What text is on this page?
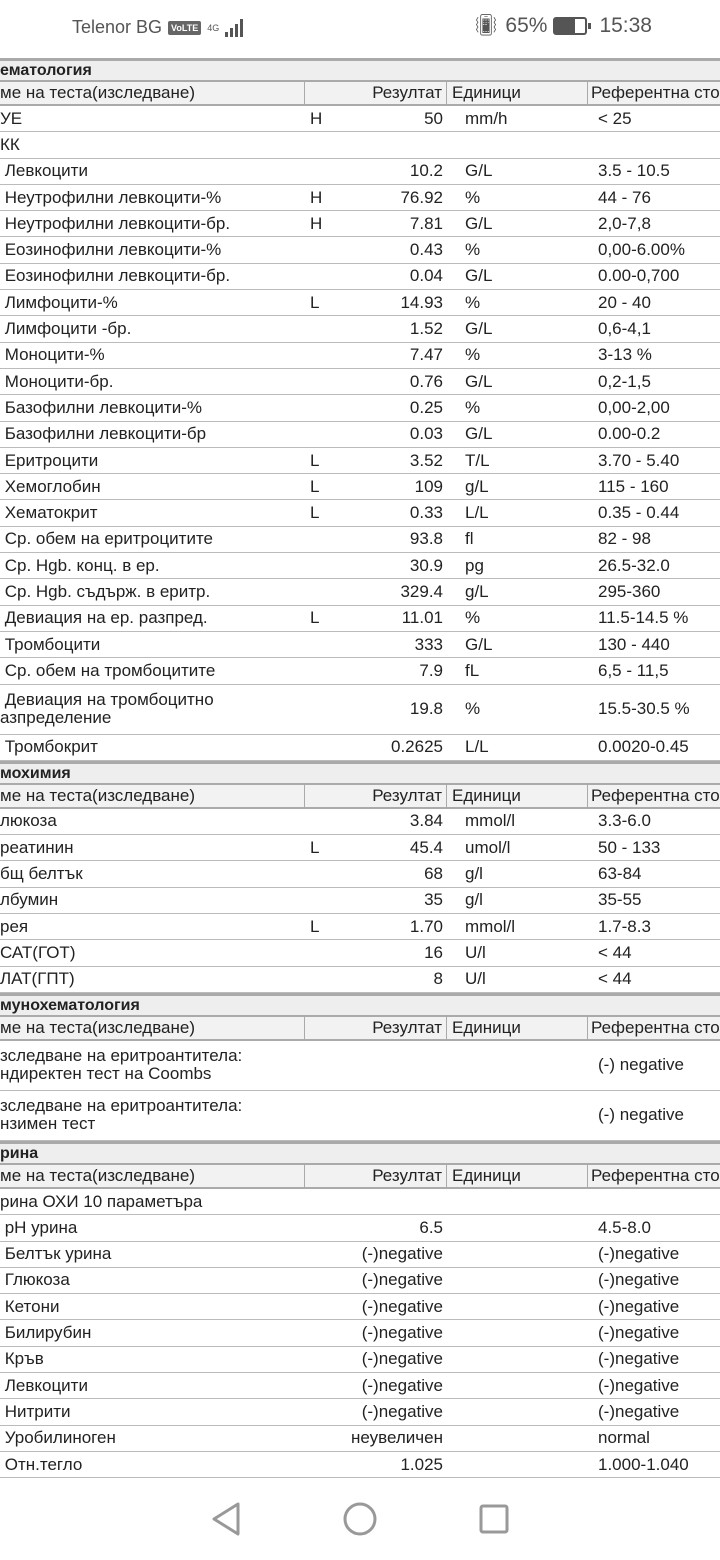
Telenor BG	VoLTE	4G	📳︎ 65% 15:38
ематология
ме на теста(изследване)	Резултат Единици	Референтна сто
УЕ	H	50	mm/h	< 25
КК
Левкоцити	10.2	G/L	3.5 - 10.5
Неутрофилни левкоцити-%	H	76.92	%	44 - 76
Неутрофилни левкоцити-бр.	H	7.81	G/L	2,0-7,8
Еозинофилни левкоцити-%	0.43	%	0,00-6.00%
Еозинофилни левкоцити-бр.	0.04	G/L	0.00-0,700
Лимфоцити-%	L	14.93	%	20 - 40
Лимфоцити -бр.	1.52	G/L	0,6-4,1
Моноцити-%	7.47	%	3-13 %
Моноцити-бр.	0.76	G/L	0,2-1,5
Базофилни левкоцити-%	0.25	%	0,00-2,00
Базофилни левкоцити-бр	0.03	G/L	0.00-0.2
Еритроцити	L	3.52	T/L	3.70 - 5.40
Хемоглобин	L	109	g/L	115 - 160
Хематокрит	L	0.33	L/L	0.35 - 0.44
Ср. обем на еритроцитите	93.8	fl	82 - 98
Ср. Hgb. конц. в ер.	30.9	pg	26.5-32.0
Ср. Hgb. съдърж. в еритр.	329.4	g/L	295-360
Девиация на ер. разпред.	L	11.01	%	11.5-14.5 %
Тромбоцити	333	G/L	130 - 440
Ср. обем на тромбоцитите	7.9	fL	6,5 - 11,5
Девиация на тромбоцитно
азпределение	19.8	%	15.5-30.5 %
Тромбокрит	0.2625	L/L	0.0020-0.45
мохимия
ме на теста(изследване)	Резултат Единици	Референтна сто
люкоза	3.84	mmol/l	3.3-6.0
реатинин	L	45.4	umol/l	50 - 133
бщ белтък	68	g/l	63-84
лбумин	35	g/l	35-55
рея	L	1.70	mmol/l	1.7-8.3
САТ(ГОТ)	16	U/l	< 44
ЛАТ(ГПТ)	8	U/l	< 44
мунохематология
ме на теста(изследване)	Резултат Единици	Референтна сто
зследване на еритроантитела:
ндиректен тест на Coombs	(-) negative
зследване на еритроантитела:
нзимен тест	(-) negative
рина
ме на теста(изследване)	Резултат Единици	Референтна сто
рина ОХИ 10 параметъра
pH урина	6.5	4.5-8.0
Белтък урина	(-)negative	(-)negative
Глюкоза	(-)negative	(-)negative
Кетони	(-)negative	(-)negative
Билирубин	(-)negative	(-)negative
Кръв	(-)negative	(-)negative
Левкоцити	(-)negative	(-)negative
Нитрити	(-)negative	(-)negative
Уробилиноген	неувеличен	normal
Отн.тегло	1.025	1.000-1.040
